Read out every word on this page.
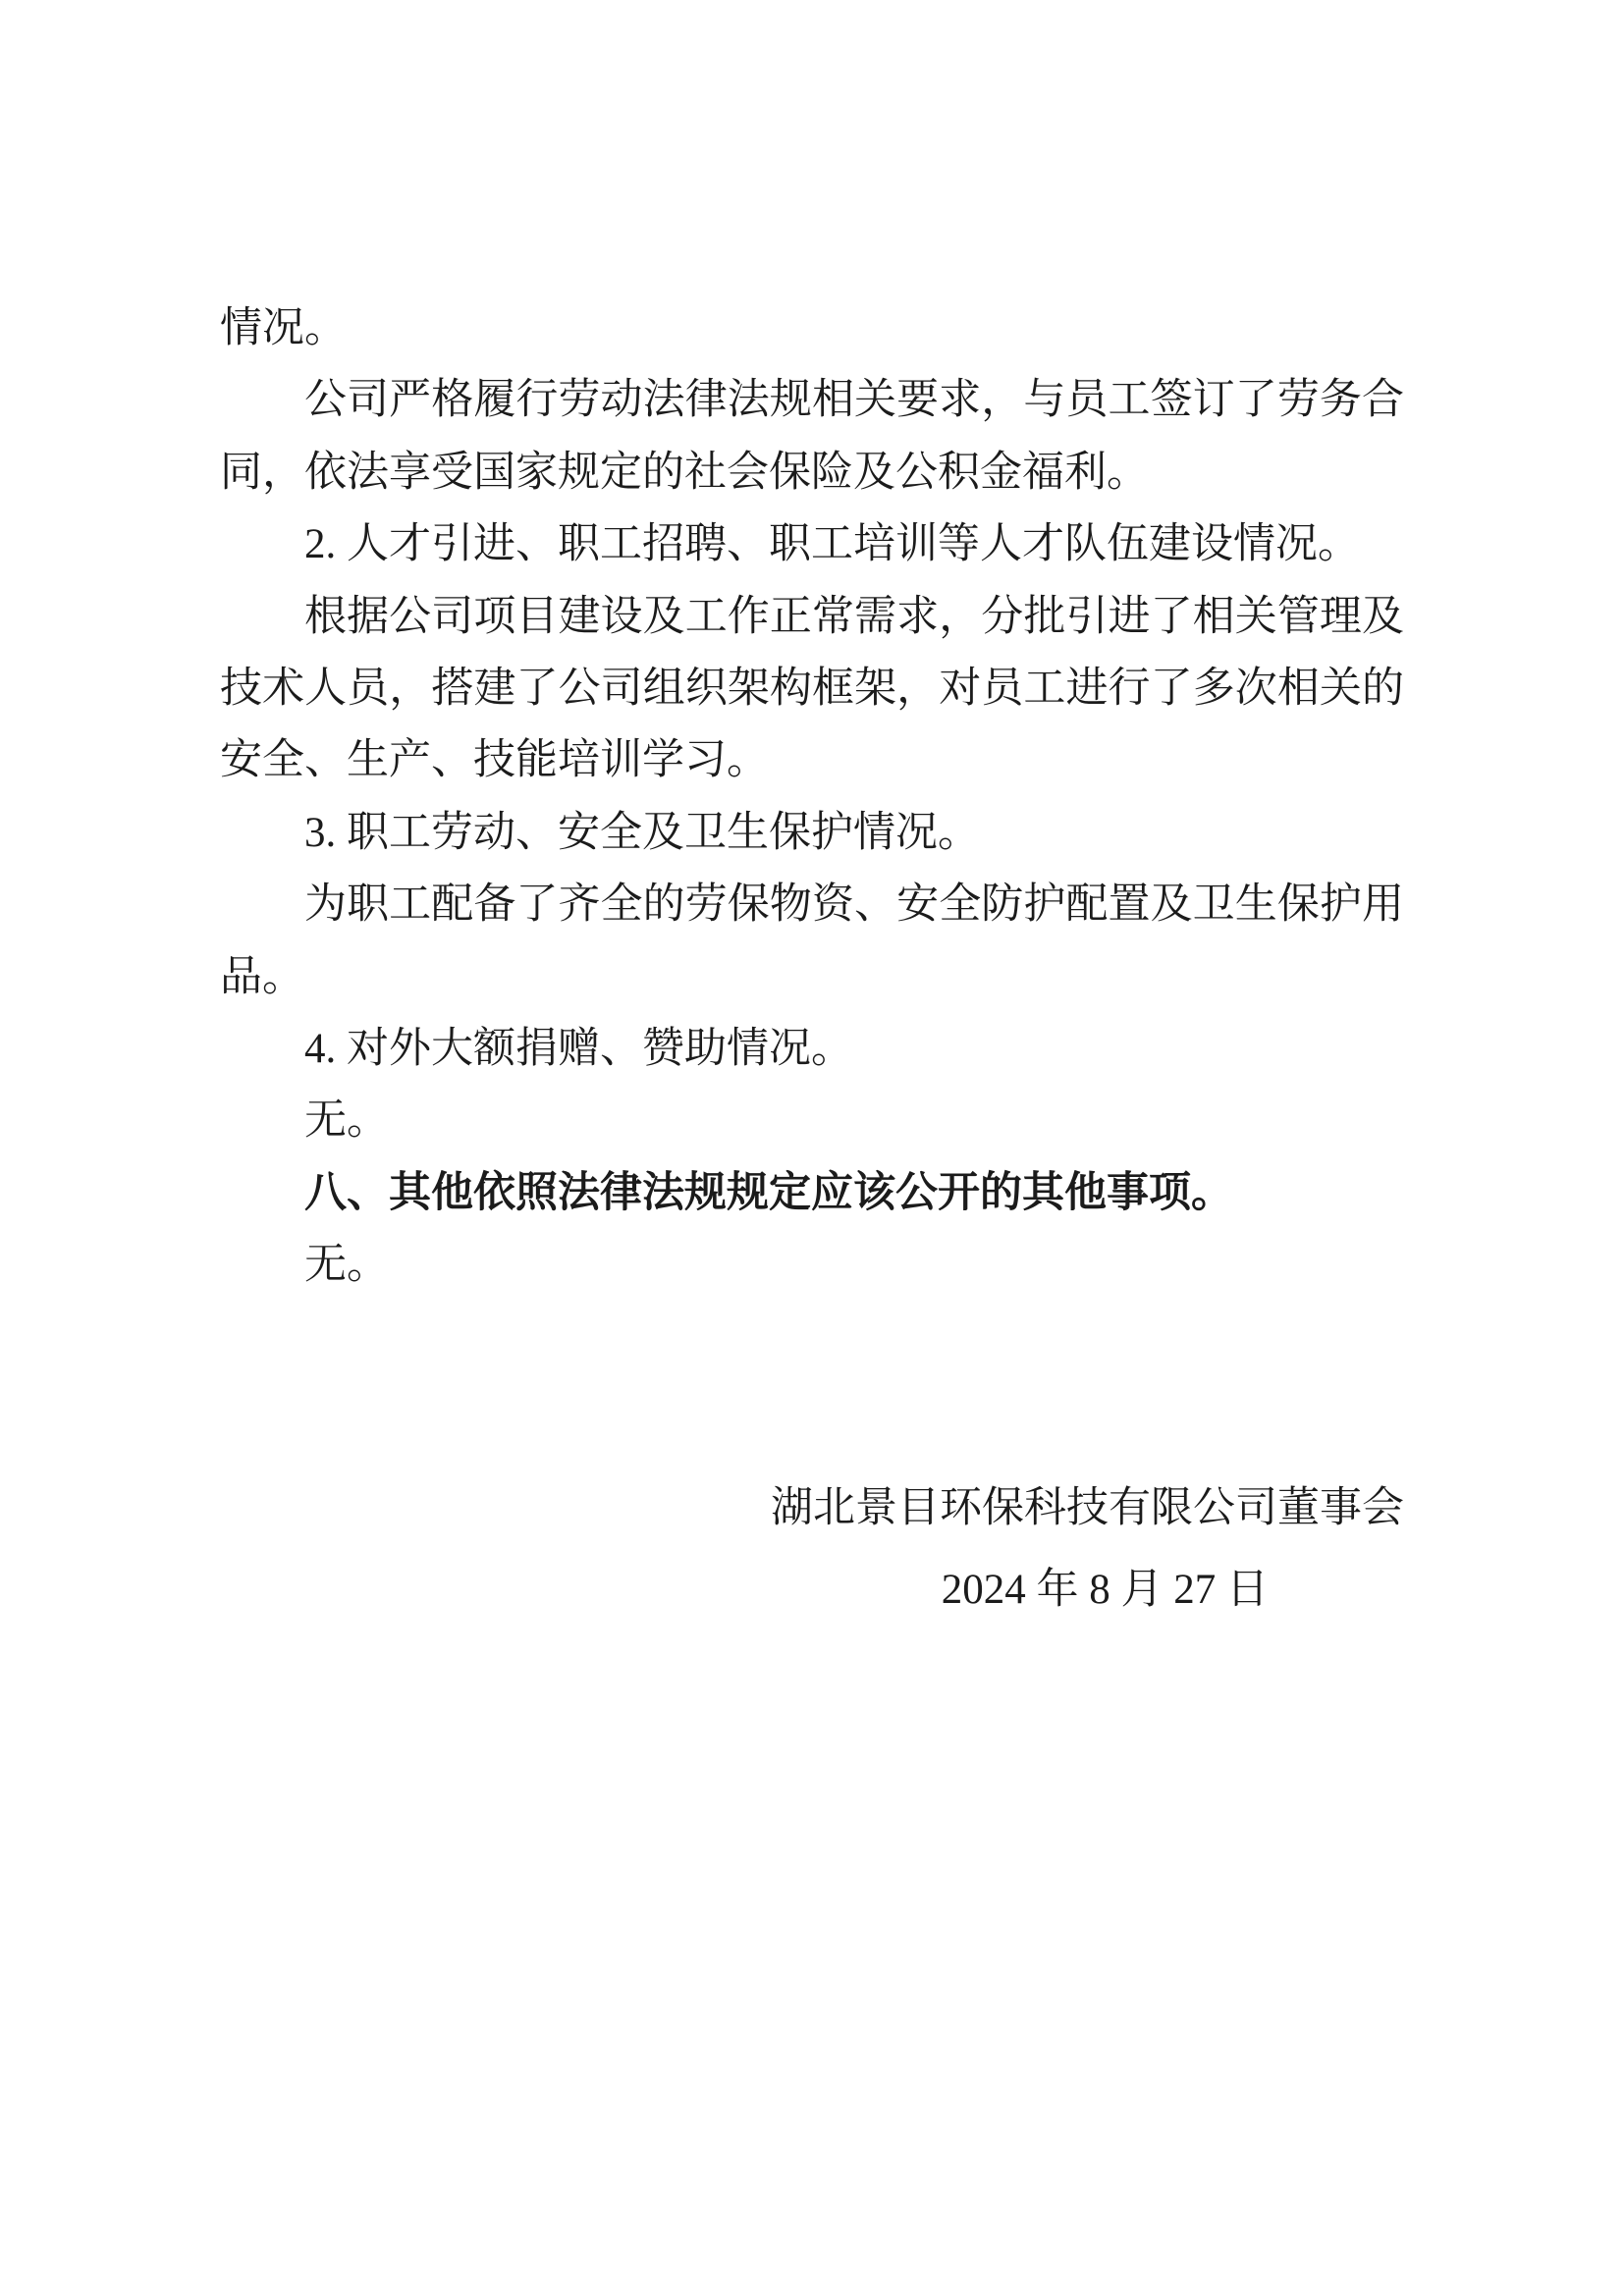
情况。
公司严格履行劳动法律法规相关要求，与员工签订了劳务合
同，依法享受国家规定的社会保险及公积金福利。
2. 人才引进、职工招聘、职工培训等人才队伍建设情况。
根据公司项目建设及工作正常需求，分批引进了相关管理及
技术人员，搭建了公司组织架构框架，对员工进行了多次相关的
安全、生产、技能培训学习。
3. 职工劳动、安全及卫生保护情况。
为职工配备了齐全的劳保物资、安全防护配置及卫生保护用
品。
4. 对外大额捐赠、赞助情况。
无。
八、其他依照法律法规规定应该公开的其他事项。
无。
湖北景目环保科技有限公司董事会
2024 年 8 月 27 日
